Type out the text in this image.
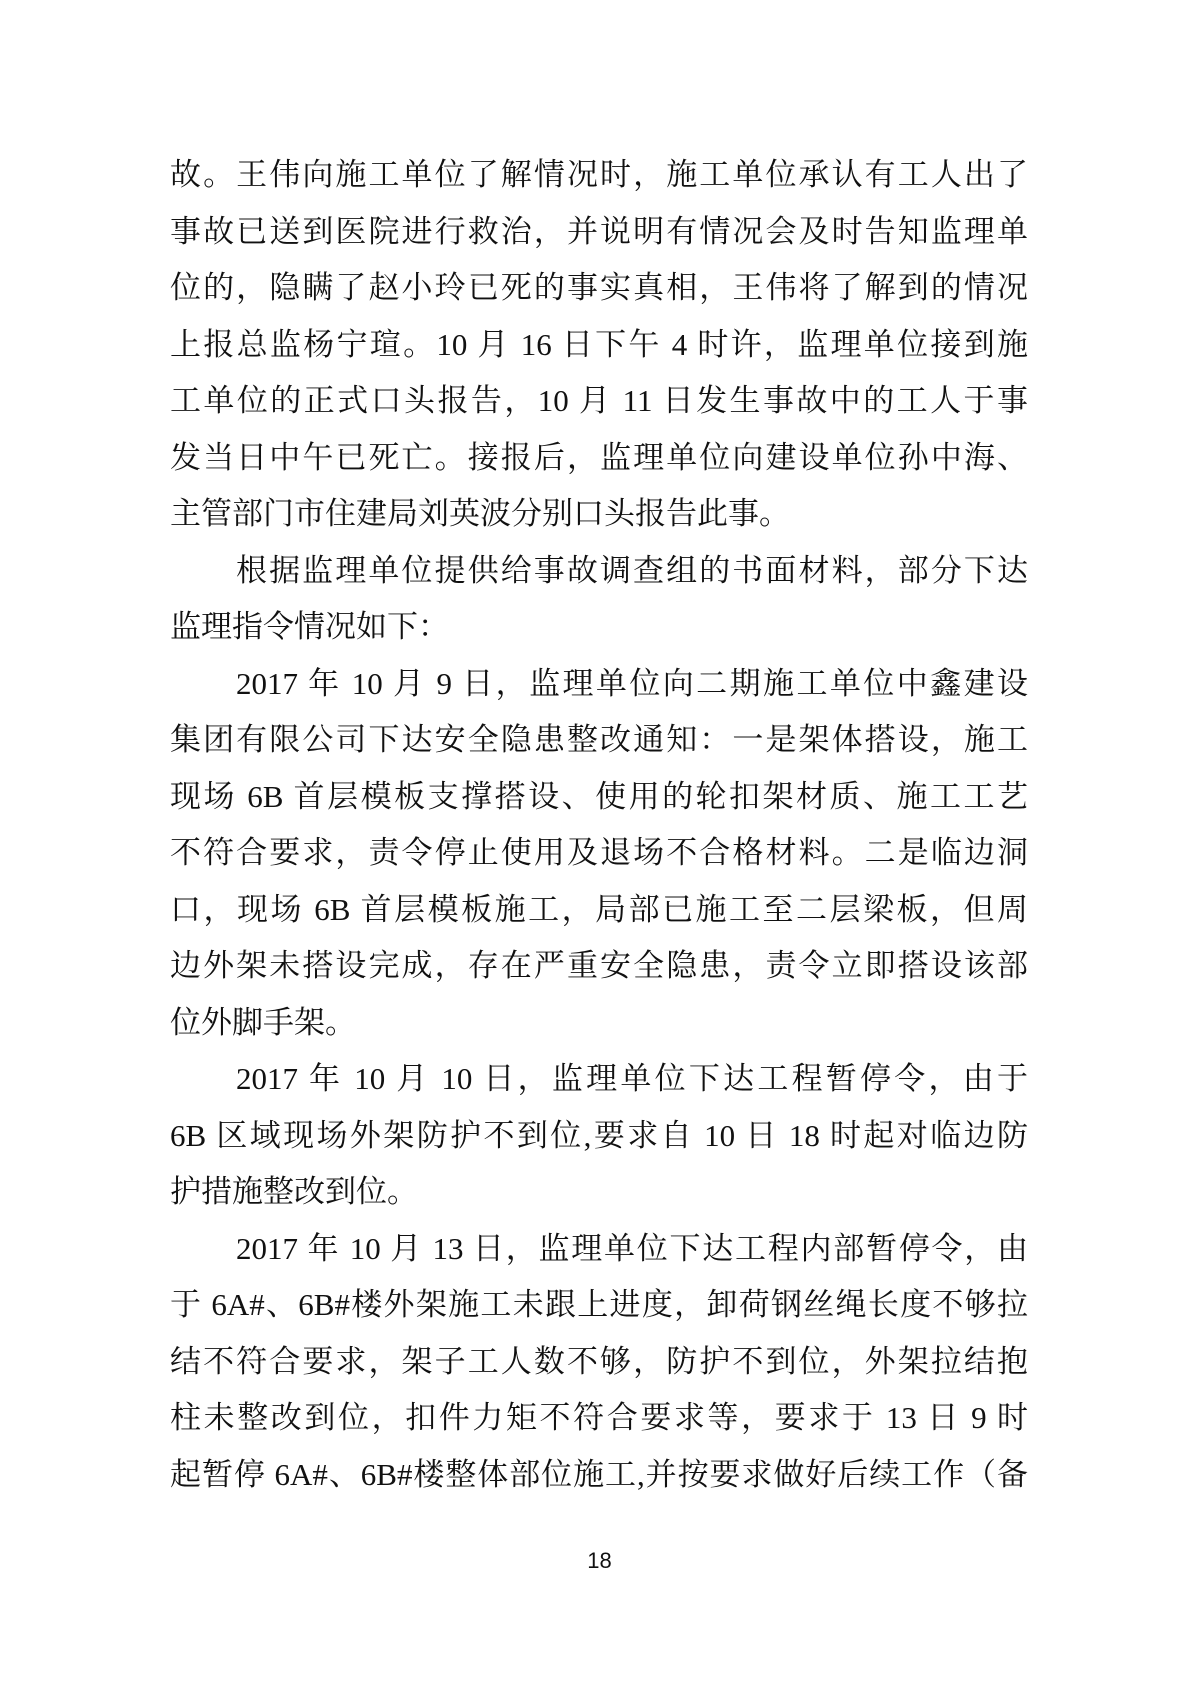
故。王伟向施工单位了解情况时，施工单位承认有工人出了
事故已送到医院进行救治，并说明有情况会及时告知监理单
位的，隐瞒了赵小玲已死的事实真相，王伟将了解到的情况
上报总监杨宁瑄。10 月 16 日下午 4 时许，监理单位接到施
工单位的正式口头报告，10 月 11 日发生事故中的工人于事
发当日中午已死亡。接报后，监理单位向建设单位孙中海、
主管部门市住建局刘英波分别口头报告此事。
根据监理单位提供给事故调查组的书面材料，部分下达
监理指令情况如下：
2017 年 10 月 9 日，监理单位向二期施工单位中鑫建设
集团有限公司下达安全隐患整改通知：一是架体搭设，施工
现场 6B 首层模板支撑搭设、使用的轮扣架材质、施工工艺
不符合要求，责令停止使用及退场不合格材料。二是临边洞
口，现场 6B 首层模板施工，局部已施工至二层梁板，但周
边外架未搭设完成，存在严重安全隐患，责令立即搭设该部
位外脚手架。
2017 年 10 月 10 日，监理单位下达工程暂停令，由于
6B 区域现场外架防护不到位,要求自 10 日 18 时起对临边防
护措施整改到位。
2017 年 10 月 13 日，监理单位下达工程内部暂停令，由
于 6A#、6B#楼外架施工未跟上进度，卸荷钢丝绳长度不够拉
结不符合要求，架子工人数不够，防护不到位，外架拉结抱
柱未整改到位，扣件力矩不符合要求等，要求于 13 日 9 时
起暂停 6A#、6B#楼整体部位施工,并按要求做好后续工作（备
18
